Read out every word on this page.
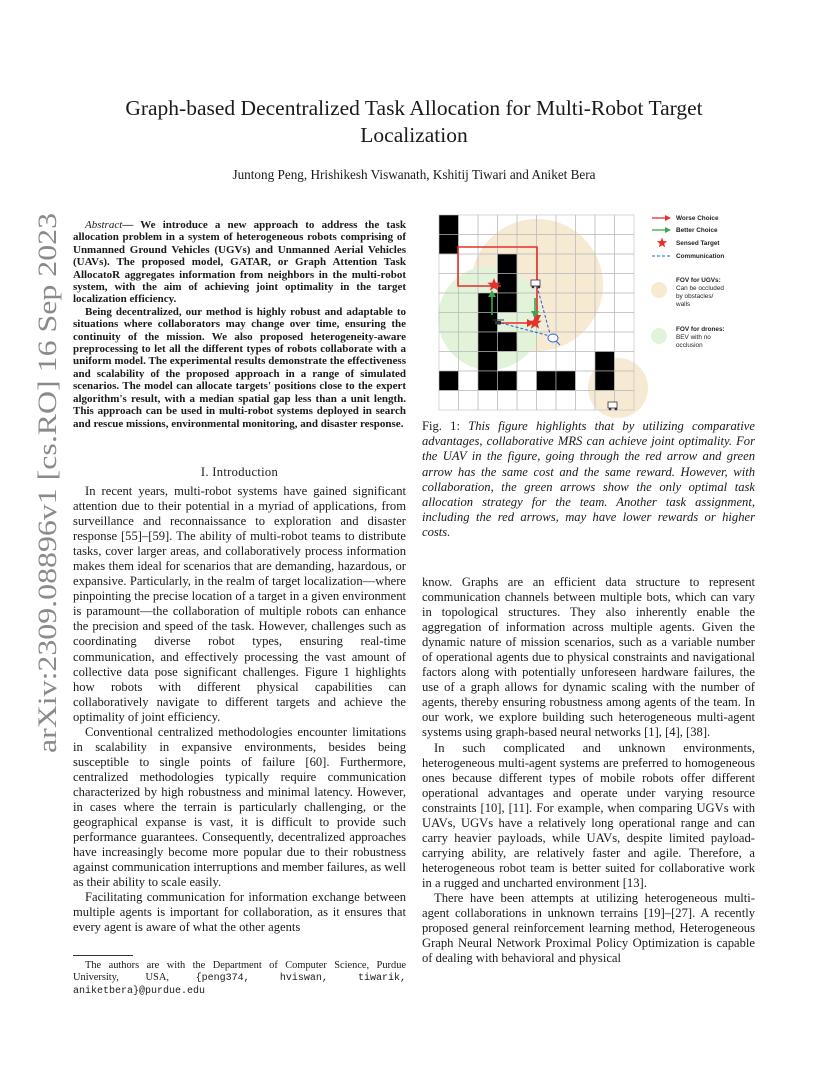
arXiv:2309.08896v1 [cs.RO] 16 Sep 2023
Graph-based Decentralized Task Allocation for Multi-Robot Target Localization
Juntong Peng, Hrishikesh Viswanath, Kshitij Tiwari and Aniket Bera

Abstract— We introduce a new approach to address the task allocation problem in a system of heterogeneous robots comprising of Unmanned Ground Vehicles (UGVs) and Unmanned Aerial Vehicles (UAVs). The proposed model, GATAR, or Graph Attention Task AllocatoR aggregates information from neighbors in the multi-robot system, with the aim of achieving joint optimality in the target localization efficiency.

Being decentralized, our method is highly robust and adaptable to situations where collaborators may change over time, ensuring the continuity of the mission. We also proposed heterogeneity-aware preprocessing to let all the different types of robots collaborate with a uniform model. The experimental results demonstrate the effectiveness and scalability of the proposed approach in a range of simulated scenarios. The model can allocate targets' positions close to the expert algorithm's result, with a median spatial gap less than a unit length. This approach can be used in multi-robot systems deployed in search and rescue missions, environmental monitoring, and disaster response.

I. Introduction

In recent years, multi-robot systems have gained significant attention due to their potential in a myriad of applications, from surveillance and reconnaissance to exploration and disaster response [55]–[59]. The ability of multi-robot teams to distribute tasks, cover larger areas, and collaboratively process information makes them ideal for scenarios that are demanding, hazardous, or expansive. Particularly, in the realm of target localization—where pinpointing the precise location of a target in a given environment is paramount—the collaboration of multiple robots can enhance the precision and speed of the task. However, challenges such as coordinating diverse robot types, ensuring real-time communication, and effectively processing the vast amount of collective data pose significant challenges. Figure 1 highlights how robots with different physical capabilities can collaboratively navigate to different targets and achieve the optimality of joint efficiency.

Conventional centralized methodologies encounter limitations in scalability in expansive environments, besides being susceptible to single points of failure [60]. Furthermore, centralized methodologies typically require communication characterized by high robustness and minimal latency. However, in cases where the terrain is particularly challenging, or the geographical expanse is vast, it is difficult to provide such performance guarantees. Consequently, decentralized approaches have increasingly become more popular due to their robustness against communication interruptions and member failures, as well as their ability to scale easily.

Facilitating communication for information exchange between multiple agents is important for collaboration, as it ensures that every agent is aware of what the other agents

The authors are with the Department of Computer Science, Purdue University, USA,	{peng374, hviswan, tiwarik, aniketbera}@purdue.edu
Worse Choice
Better Choice
Sensed Target
Communication
FOV for UGVs:
Can be occluded
by obstacles/
walls
FOV for drones:
BEV with no
occlusion
Fig. 1: This figure highlights that by utilizing comparative advantages, collaborative MRS can achieve joint optimality. For the UAV in the figure, going through the red arrow and green arrow has the same cost and the same reward. However, with collaboration, the green arrows show the only optimal task allocation strategy for the team. Another task assignment, including the red arrows, may have lower rewards or higher costs.

know. Graphs are an efficient data structure to represent communication channels between multiple bots, which can vary in topological structures. They also inherently enable the aggregation of information across multiple agents. Given the dynamic nature of mission scenarios, such as a variable number of operational agents due to physical constraints and navigational factors along with potentially unforeseen hardware failures, the use of a graph allows for dynamic scaling with the number of agents, thereby ensuring robustness among agents of the team. In our work, we explore building such heterogeneous multi-agent systems using graph-based neural networks [1], [4], [38].

In such complicated and unknown environments, heterogeneous multi-agent systems are preferred to homogeneous ones because different types of mobile robots offer different operational advantages and operate under varying resource constraints [10], [11]. For example, when comparing UGVs with UAVs, UGVs have a relatively long operational range and can carry heavier payloads, while UAVs, despite limited payload-carrying ability, are relatively faster and agile. Therefore, a heterogeneous robot team is better suited for collaborative work in a rugged and uncharted environment [13].

There have been attempts at utilizing heterogeneous multi-agent collaborations in unknown terrains [19]–[27]. A recently proposed general reinforcement learning method, Heterogeneous Graph Neural Network Proximal Policy Optimization is capable of dealing with behavioral and physical
